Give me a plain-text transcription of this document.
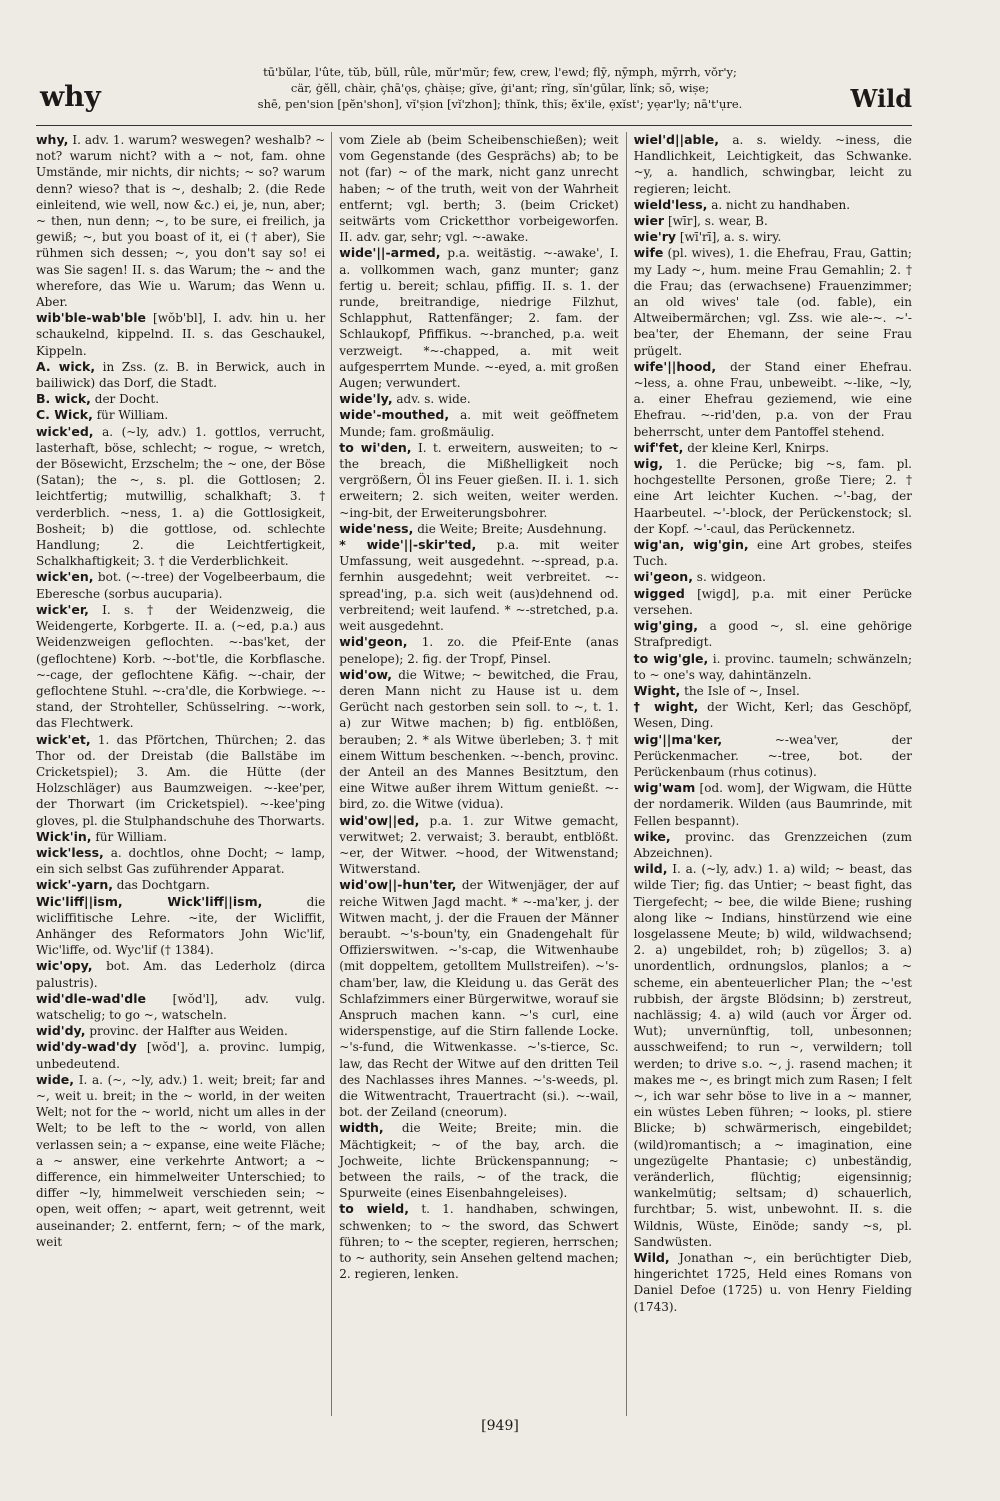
why
tū'bŭlar, l'ûte, tŭb, bŭll, rûle, mŭr'mŭr; few, crew, l'ewd; flȳ, nȳmph, mȳrrh, vŏr'y;
cär, ġĕll, chàir, çhā'ǫs, çhàiṣe; gĭve, ġi'ant; rĭng, sĭn'gūlar, lĭnk; sō, wiṣe;
shē, pen'sion [pĕn'shon], vĭ'ṣion [vĭ'zhon]; thĭnk, thĭs; ĕx'ile, ẹxĭst'; yẹar'ly; nā't'ụre.	Wild

why, I. adv. 1. warum? weswegen? weshalb? ~ not? warum nicht? with a ~ not, fam. ohne Umstände, mir nichts, dir nichts; ~ so? warum denn? wieso? that is ~, deshalb; 2. (die Rede einleitend, wie well, now &c.) ei, je, nun, aber; ~ then, nun denn; ~, to be sure, ei freilich, ja gewiß; ~, but you boast of it, ei († aber), Sie rühmen sich dessen; ~, you don't say so! ei was Sie sagen! II. s. das Warum; the ~ and the wherefore, das Wie u. Warum; das Wenn u. Aber.

wib'ble-wab'ble [wŏb'bl], I. adv. hin u. her schaukelnd, kippelnd. II. s. das Geschaukel, Kippeln.

A. wick, in Zss. (z. B. in Berwick, auch in bailiwick) das Dorf, die Stadt.

B. wick, der Docht.

C. Wick, für William.

wick'ed, a. (~ly, adv.) 1. gottlos, verrucht, lasterhaft, böse, schlecht; ~ rogue, ~ wretch, der Bösewicht, Erzschelm; the ~ one, der Böse (Satan); the ~, s. pl. die Gottlosen; 2. leichtfertig; mutwillig, schalkhaft; 3. † verderblich. ~ness, 1. a) die Gottlosigkeit, Bosheit; b) die gottlose, od. schlechte Handlung; 2. die Leichtfertigkeit, Schalkhaftigkeit; 3. † die Verderblichkeit.

wick'en, bot. (~-tree) der Vogelbeerbaum, die Eberesche (sorbus aucuparia).

wick'er, I. s. † der Weidenzweig, die Weidengerte, Korbgerte. II. a. (~ed, p.a.) aus Weidenzweigen geflochten. ~-bas'ket, der (geflochtene) Korb. ~-bot'tle, die Korbflasche. ~-cage, der geflochtene Käfig. ~-chair, der geflochtene Stuhl. ~-cra'dle, die Korbwiege. ~-stand, der Strohteller, Schüsselring. ~-work, das Flechtwerk.

wick'et, 1. das Pförtchen, Thürchen; 2. das Thor od. der Dreistab (die Ballstäbe im Cricketspiel); 3. Am. die Hütte (der Holzschläger) aus Baumzweigen. ~-kee'per, der Thorwart (im Cricketspiel). ~-kee'ping gloves, pl. die Stulphandschuhe des Thorwarts.

Wick'in, für William.

wick'less, a. dochtlos, ohne Docht; ~ lamp, ein sich selbst Gas zuführender Apparat.

wick'-yarn, das Dochtgarn.

Wic'liff||ism, Wick'liff||ism,	die wicliffitische Lehre. ~ite, der Wicliffit, Anhänger des Reformators John Wic'lif, Wic'liffe, od. Wyc'lif († 1384).

wic'opy, bot. Am. das Lederholz (dirca palustris).

wid'dle-wad'dle [wŏd'l], adv. vulg. watschelig; to go ~, watscheln.

wid'dy, provinc. der Halfter aus Weiden.

wid'dy-wad'dy [wŏd'], a. provinc. lumpig, unbedeutend.

wide, I. a. (~, ~ly, adv.) 1. weit; breit; far and ~, weit u. breit; in the ~ world, in der weiten Welt; not for the ~ world, nicht um alles in der Welt; to be left to the ~ world, von allen verlassen sein; a ~ expanse, eine weite Fläche; a ~ answer, eine verkehrte Antwort; a ~ difference, ein himmelweiter Unterschied; to differ ~ly, himmelweit verschieden sein; ~ open, weit offen; ~ apart, weit getrennt, weit auseinander; 2. entfernt, fern; ~ of the mark, weit

vom Ziele ab (beim Scheibenschießen); weit vom Gegenstande (des Gesprächs) ab; to be not (far) ~ of the mark, nicht ganz unrecht haben; ~ of the truth, weit von der Wahrheit entfernt; vgl. berth; 3. (beim Cricket) seitwärts vom Cricketthor vorbeigeworfen. II. adv. gar, sehr; vgl. ~-awake.

wide'||-armed, p.a. weitästig. ~-awake', I. a. vollkommen wach, ganz munter; ganz fertig u. bereit; schlau, pfiffig. II. s. 1. der runde, breitrandige, niedrige Filzhut, Schlapphut, Rattenfänger; 2. fam. der Schlaukopf, Pfiffikus. ~-branched, p.a. weit verzweigt. *~-chapped, a. mit weit aufgesperrtem Munde. ~-eyed, a. mit großen Augen; verwundert.

wide'ly, adv. s. wide.

wide'-mouthed, a. mit weit geöffnetem Munde; fam. großmäulig.

to wi'den, I. t. erweitern, ausweiten; to ~ the breach, die Mißhelligkeit noch vergrößern, Öl ins Feuer gießen. II. i. 1. sich erweitern; 2. sich weiten, weiter werden. ~ing-bit, der Erweiterungsbohrer.

wide'ness, die Weite; Breite; Ausdehnung.

* wide'||-skir'ted, p.a. mit weiter Umfassung, weit ausgedehnt. ~-spread, p.a. fernhin ausgedehnt; weit verbreitet. ~-spread'ing, p.a. sich weit (aus)dehnend od. verbreitend; weit laufend. * ~-stretched, p.a. weit ausgedehnt.

wid'geon, 1. zo. die Pfeif-Ente (anas penelope); 2. fig. der Tropf, Pinsel.

wid'ow, die Witwe; ~ bewitched, die Frau, deren Mann nicht zu Hause ist u. dem Gerücht nach gestorben sein soll. to ~, t. 1. a) zur Witwe machen; b) fig. entblößen, berauben; 2. * als Witwe überleben; 3. † mit einem Wittum beschenken. ~-bench, provinc. der Anteil an des Mannes Besitztum, den eine Witwe außer ihrem Wittum genießt. ~-bird, zo. die Witwe (vidua).

wid'ow||ed, p.a. 1. zur Witwe gemacht, verwitwet; 2. verwaist; 3. beraubt, entblößt. ~er, der Witwer. ~hood, der Witwenstand; Witwerstand.

wid'ow||-hun'ter, der Witwenjäger, der auf reiche Witwen Jagd macht. * ~-ma'ker, j. der Witwen macht, j. der die Frauen der Männer beraubt. ~'s-boun'ty, ein Gnadengehalt für Offizierswitwen. ~'s-cap, die Witwenhaube (mit doppeltem, getolltem Mullstreifen). ~'s-cham'ber, law, die Kleidung u. das Gerät des Schlafzimmers einer Bürgerwitwe, worauf sie Anspruch machen kann. ~'s curl, eine widerspenstige, auf die Stirn fallende Locke. ~'s-fund, die Witwenkasse. ~'s-tierce, Sc. law, das Recht der Witwe auf den dritten Teil des Nachlasses ihres Mannes. ~'s-weeds, pl. die Witwentracht, Trauertracht (si.). ~-wail, bot. der Zeiland (cneorum).

width, die Weite; Breite; min. die Mächtigkeit; ~ of the bay, arch. die Jochweite, lichte Brückenspannung; ~ between the rails, ~ of the track, die Spurweite (eines Eisenbahngeleises).

to wield, t. 1. handhaben, schwingen, schwenken; to ~ the sword, das Schwert führen; to ~ the scepter, regieren, herrschen; to ~ authority, sein Ansehen geltend machen; 2. regieren, lenken.

wiel'd||able, a. s. wieldy. ~iness, die Handlichkeit, Leichtigkeit, das Schwanke. ~y, a. handlich, schwingbar, leicht zu regieren; leicht.

wield'less, a. nicht zu handhaben.

wier [wīr], s. wear, B.

wie'ry [wī'rī], a. s. wiry.

wife (pl. wives), 1. die Ehefrau, Frau, Gattin; my Lady ~, hum. meine Frau Gemahlin; 2. † die Frau; das (erwachsene) Frauenzimmer; an old wives' tale (od. fable), ein Altweibermärchen; vgl. Zss. wie ale-~. ~'-bea'ter, der Ehemann, der seine Frau prügelt.

wife'||hood, der Stand einer Ehefrau. ~less, a. ohne Frau, unbeweibt. ~-like, ~ly, a. einer Ehefrau geziemend, wie eine Ehefrau. ~-rid'den, p.a. von der Frau beherrscht, unter dem Pantoffel stehend.

wif'fet, der kleine Kerl, Knirps.

wig, 1. die Perücke; big ~s, fam. pl. hochgestellte Personen, große Tiere; 2. † eine Art leichter Kuchen. ~'-bag, der Haarbeutel. ~'-block, der Perückenstock; sl. der Kopf. ~'-caul, das Perückennetz.

wig'an, wig'gin, eine Art grobes, steifes Tuch.

wi'geon, s. widgeon.

wigged [wigd], p.a. mit einer Perücke versehen.

wig'ging, a good ~, sl. eine gehörige Strafpredigt.

to wig'gle, i. provinc. taumeln; schwänzeln; to ~ one's way, dahintänzeln.

Wight, the Isle of ~, Insel.

† wight, der Wicht, Kerl; das Geschöpf, Wesen, Ding.

wig'||ma'ker,	~-wea'ver, der Perückenmacher. ~-tree, bot. der Perückenbaum (rhus cotinus).

wig'wam [od. wom], der Wigwam, die Hütte der nordamerik. Wilden (aus Baumrinde, mit Fellen bespannt).

wike, provinc. das Grenzzeichen (zum Abzeichnen).

wild, I. a. (~ly, adv.) 1. a) wild; ~ beast, das wilde Tier; fig. das Untier; ~ beast fight, das Tiergefecht; ~ bee, die wilde Biene; rushing along like ~ Indians, hinstürzend wie eine losgelassene Meute; b) wild, wildwachsend; 2. a) ungebildet, roh; b) zügellos; 3. a) unordentlich, ordnungslos, planlos; a ~ scheme, ein abenteuerlicher Plan; the ~'est rubbish, der ärgste Blödsinn; b) zerstreut, nachlässig; 4. a) wild (auch vor Ärger od. Wut); unvernünftig, toll, unbesonnen; ausschweifend; to run ~, verwildern; toll werden; to drive s.o. ~, j. rasend machen; it makes me ~, es bringt mich zum Rasen; I felt ~, ich war sehr böse to live in a ~ manner, ein wüstes Leben führen; ~ looks, pl. stiere Blicke; b) schwärmerisch, eingebildet; (wild)romantisch; a ~ imagination, eine ungezügelte Phantasie; c) unbeständig, veränderlich, flüchtig; eigensinnig; wankelmütig; seltsam; d) schauerlich, furchtbar; 5. wist, unbewohnt. II. s. die Wildnis, Wüste, Einöde; sandy ~s, pl. Sandwüsten.

Wild, Jonathan ~, ein berüchtigter Dieb, hingerichtet 1725, Held eines Romans von Daniel Defoe (1725) u. von Henry Fielding (1743).

[949]
